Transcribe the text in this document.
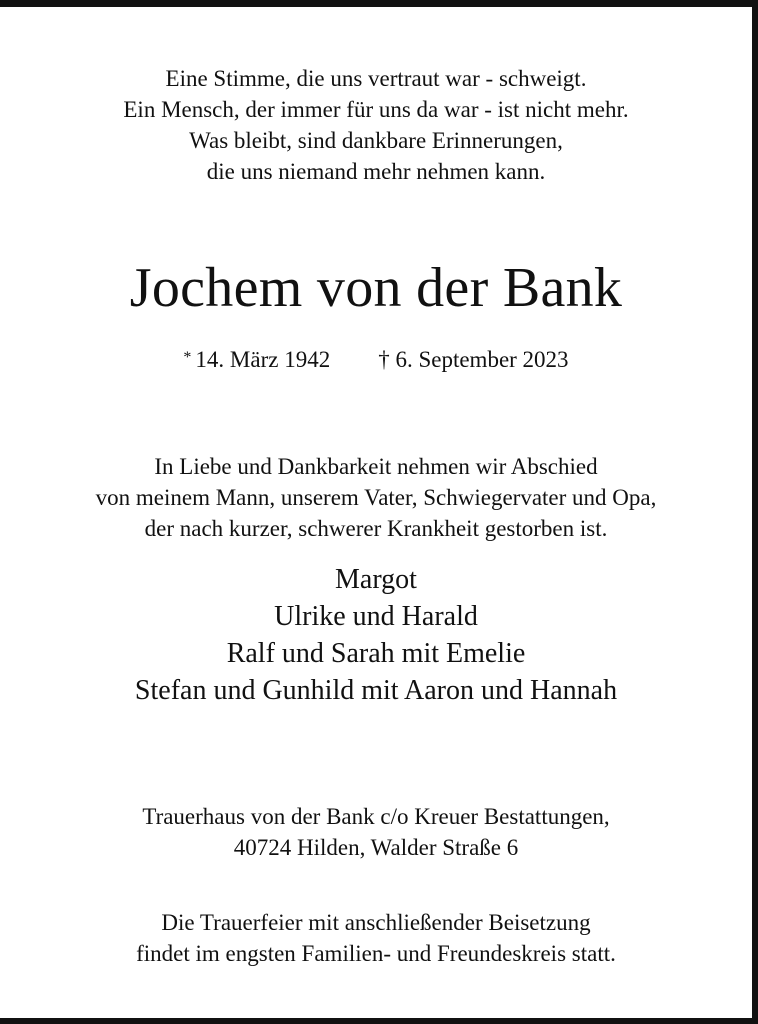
Eine Stimme, die uns vertraut war - schweigt.

Ein Mensch, der immer für uns da war - ist nicht mehr.

Was bleibt, sind dankbare Erinnerungen,

die uns niemand mehr nehmen kann.

Jochem von der Bank

* 14. März 1942 † 6. September 2023

In Liebe und Dankbarkeit nehmen wir Abschied

von meinem Mann, unserem Vater, Schwiegervater und Opa,

der nach kurzer, schwerer Krankheit gestorben ist.

Margot

Ulrike und Harald

Ralf und Sarah mit Emelie

Stefan und Gunhild mit Aaron und Hannah

Trauerhaus von der Bank c/o Kreuer Bestattungen,

40724 Hilden, Walder Straße 6

Die Trauerfeier mit anschließender Beisetzung

findet im engsten Familien- und Freundeskreis statt.
